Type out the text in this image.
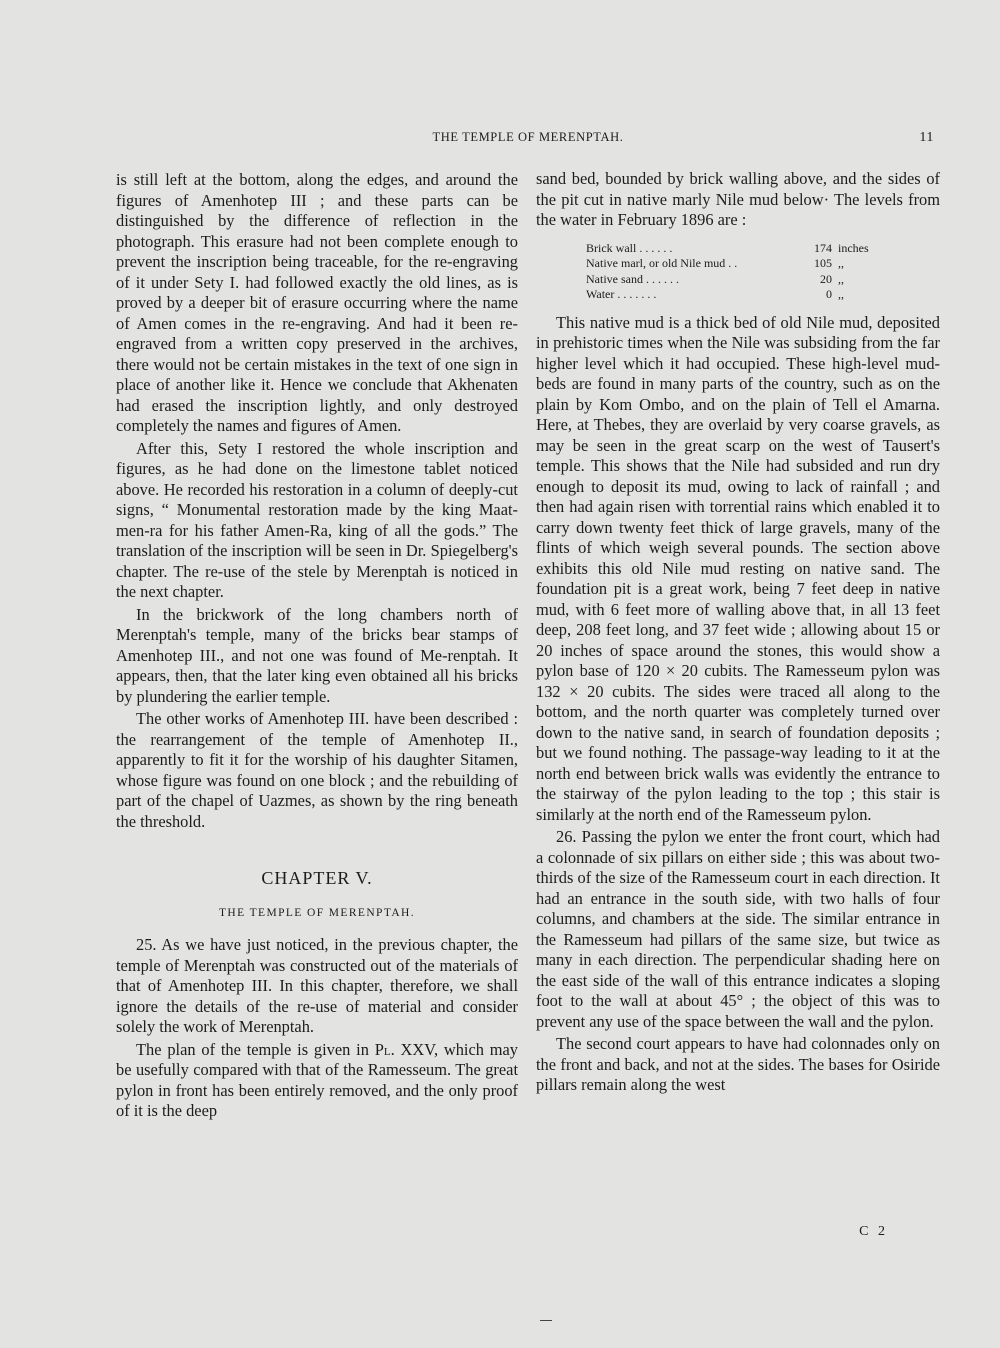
THE TEMPLE OF MERENPTAH.	11

is still left at the bottom, along the edges, and around the figures of Amenhotep III ; and these parts can be distinguished by the difference of reflection in the photograph. This erasure had not been complete enough to prevent the inscription being traceable, for the re-engraving of it under Sety I. had followed exactly the old lines, as is proved by a deeper bit of erasure occurring where the name of Amen comes in the re-engraving. And had it been re-engraved from a written copy preserved in the archives, there would not be certain mistakes in the text of one sign in place of another like it. Hence we conclude that Akhenaten had erased the inscription lightly, and only destroyed completely the names and figures of Amen.

After this, Sety I restored the whole inscription and figures, as he had done on the limestone tablet noticed above. He recorded his restoration in a column of deeply-cut signs, “ Monumental restoration made by the king Maat-men-ra for his father Amen-Ra, king of all the gods.” The translation of the inscription will be seen in Dr. Spiegelberg's chapter. The re-use of the stele by Merenptah is noticed in the next chapter.

In the brickwork of the long chambers north of Merenptah's temple, many of the bricks bear stamps of Amenhotep III., and not one was found of Me-renptah. It appears, then, that the later king even obtained all his bricks by plundering the earlier temple.

The other works of Amenhotep III. have been described : the rearrangement of the temple of Amenhotep II., apparently to fit it for the worship of his daughter Sitamen, whose figure was found on one block ; and the rebuilding of part of the chapel of Uazmes, as shown by the ring beneath the threshold.

CHAPTER V.
THE TEMPLE OF MERENPTAH.

25. As we have just noticed, in the previous chapter, the temple of Merenptah was constructed out of the materials of that of Amenhotep III. In this chapter, therefore, we shall ignore the details of the re-use of material and consider solely the work of Merenptah.

The plan of the temple is given in Pl. XXV, which may be usefully compared with that of the Ramesseum. The great pylon in front has been entirely removed, and the only proof of it is the deep

sand bed, bounded by brick walling above, and the sides of the pit cut in native marly Nile mud below· The levels from the water in February 1896 are :

Brick wall . . . . . .	174	inches
Native marl, or old Nile mud . .	105	,,
Native sand . . . . . .	20	,,
Water . . . . . . .	0	,,

This native mud is a thick bed of old Nile mud, deposited in prehistoric times when the Nile was subsiding from the far higher level which it had occupied. These high-level mud-beds are found in many parts of the country, such as on the plain by Kom Ombo, and on the plain of Tell el Amarna. Here, at Thebes, they are overlaid by very coarse gravels, as may be seen in the great scarp on the west of Tausert's temple. This shows that the Nile had subsided and run dry enough to deposit its mud, owing to lack of rainfall ; and then had again risen with torrential rains which enabled it to carry down twenty feet thick of large gravels, many of the flints of which weigh several pounds. The section above exhibits this old Nile mud resting on native sand. The foundation pit is a great work, being 7 feet deep in native mud, with 6 feet more of walling above that, in all 13 feet deep, 208 feet long, and 37 feet wide ; allowing about 15 or 20 inches of space around the stones, this would show a pylon base of 120 × 20 cubits. The Ramesseum pylon was 132 × 20 cubits. The sides were traced all along to the bottom, and the north quarter was completely turned over down to the native sand, in search of foundation deposits ; but we found nothing. The passage-way leading to it at the north end between brick walls was evidently the entrance to the stairway of the pylon leading to the top ; this stair is similarly at the north end of the Ramesseum pylon.

26. Passing the pylon we enter the front court, which had a colonnade of six pillars on either side ; this was about two-thirds of the size of the Ramesseum court in each direction. It had an entrance in the south side, with two halls of four columns, and chambers at the side. The similar entrance in the Ramesseum had pillars of the same size, but twice as many in each direction. The perpendicular shading here on the east side of the wall of this entrance indicates a sloping foot to the wall at about 45° ; the object of this was to prevent any use of the space between the wall and the pylon.

The second court appears to have had colonnades only on the front and back, and not at the sides. The bases for Osiride pillars remain along the west

C 2
